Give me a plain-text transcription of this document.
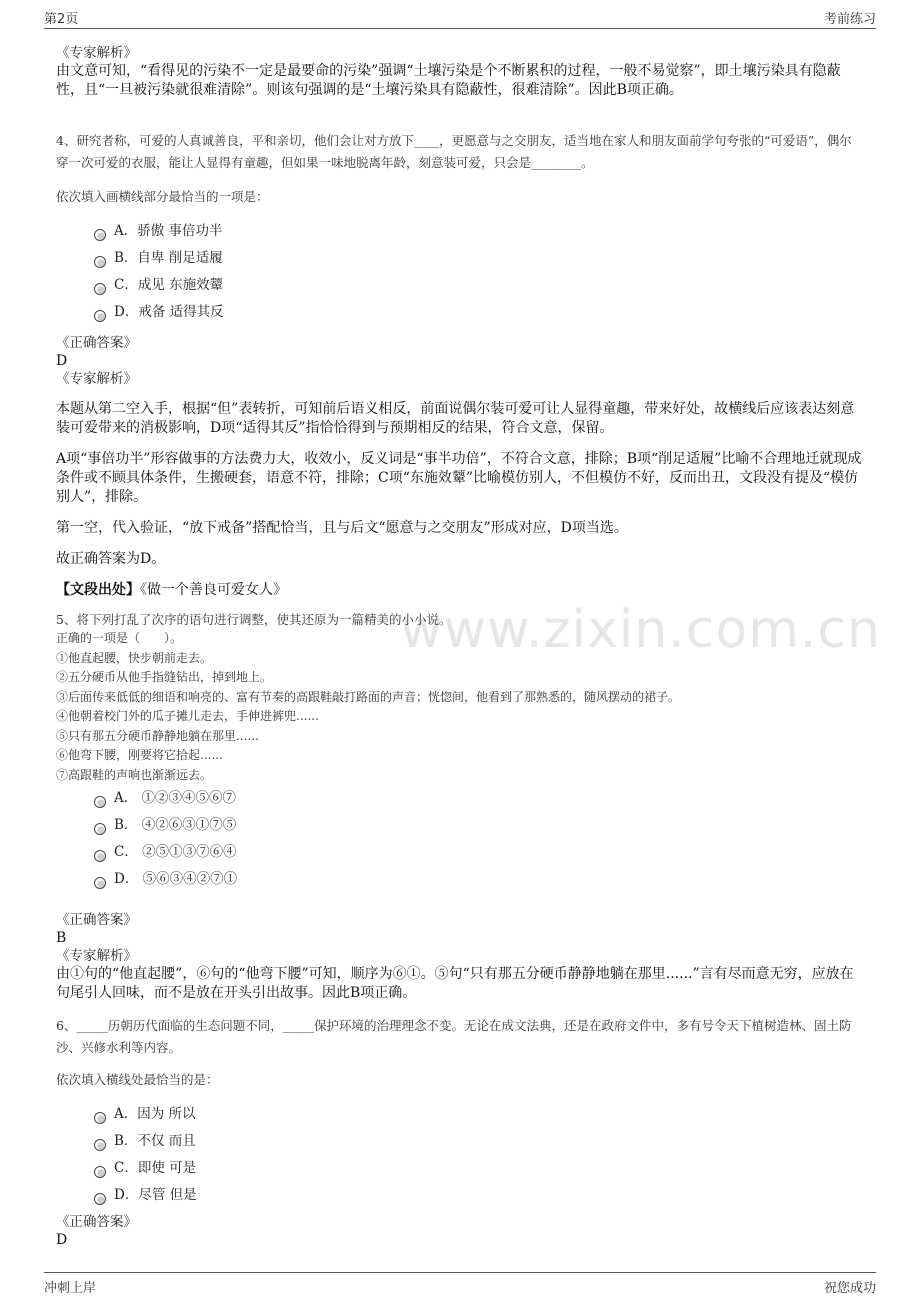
第2页	考前练习
www.zixin.com.cn
《专家解析》

由文意可知，“看得见的污染不一定是最要命的污染”强调“土壤污染是个不断累积的过程，一般不易觉察”，即土壤污染具有隐蔽性，且“一旦被污染就很难清除”。则该句强调的是“土壤污染具有隐蔽性，很难清除”。因此B项正确。

4、研究者称，可爱的人真诚善良，平和亲切，他们会让对方放下____，更愿意与之交朋友，适当地在家人和朋友面前学句夸张的“可爱语”，偶尔穿一次可爱的衣服，能让人显得有童趣，但如果一味地脱离年龄，刻意装可爱，只会是________。

依次填入画横线部分最恰当的一项是：
A．骄傲 事倍功半
B．自卑 削足适履
C．成见 东施效颦
D．戒备 适得其反
《正确答案》
D
《专家解析》

本题从第二空入手，根据“但”表转折，可知前后语义相反，前面说偶尔装可爱可让人显得童趣，带来好处，故横线后应该表达刻意装可爱带来的消极影响，D项“适得其反”指恰恰得到与预期相反的结果，符合文意，保留。

A项“事倍功半”形容做事的方法费力大，收效小，反义词是“事半功倍”，不符合文意，排除；B项“削足适履”比喻不合理地迁就现成条件或不顾具体条件，生搬硬套，语意不符，排除；C项“东施效颦”比喻模仿别人，不但模仿不好，反而出丑，文段没有提及“模仿别人”，排除。

第一空，代入验证，“放下戒备”搭配恰当，且与后文“愿意与之交朋友”形成对应，D项当选。

故正确答案为D。

【文段出处】《做一个善良可爱女人》

5、将下列打乱了次序的语句进行调整，使其还原为一篇精美的小小说。

正确的一项是（　　）。

①他直起腰，快步朝前走去。

②五分硬币从他手指缝钻出，掉到地上。

③后面传来低低的细语和响亮的、富有节奏的高跟鞋敲打路面的声音；恍惚间，他看到了那熟悉的，随风摆动的裙子。

④他朝着校门外的瓜子摊儿走去，手伸进裤兜......

⑤只有那五分硬币静静地躺在那里......

⑥他弯下腰，刚要将它拾起......

⑦高跟鞋的声响也渐渐远去。

A． ①②③④⑤⑥⑦
B． ④②⑥③①⑦⑤
C． ②⑤①③⑦⑥④
D． ⑤⑥③④②⑦①
《正确答案》
B
《专家解析》

由①句的“他直起腰”，⑥句的“他弯下腰”可知，顺序为⑥①。⑤句“只有那五分硬币静静地躺在那里......”言有尽而意无穷，应放在句尾引人回味，而不是放在开头引出故事。因此B项正确。

6、_____历朝历代面临的生态问题不同，_____保护环境的治理理念不变。无论在成文法典，还是在政府文件中，多有号令天下植树造林、固土防沙、兴修水利等内容。

依次填入横线处最恰当的是：
A．因为 所以
B．不仅 而且
C．即使 可是
D．尽管 但是
《正确答案》
D
冲刺上岸	祝您成功
